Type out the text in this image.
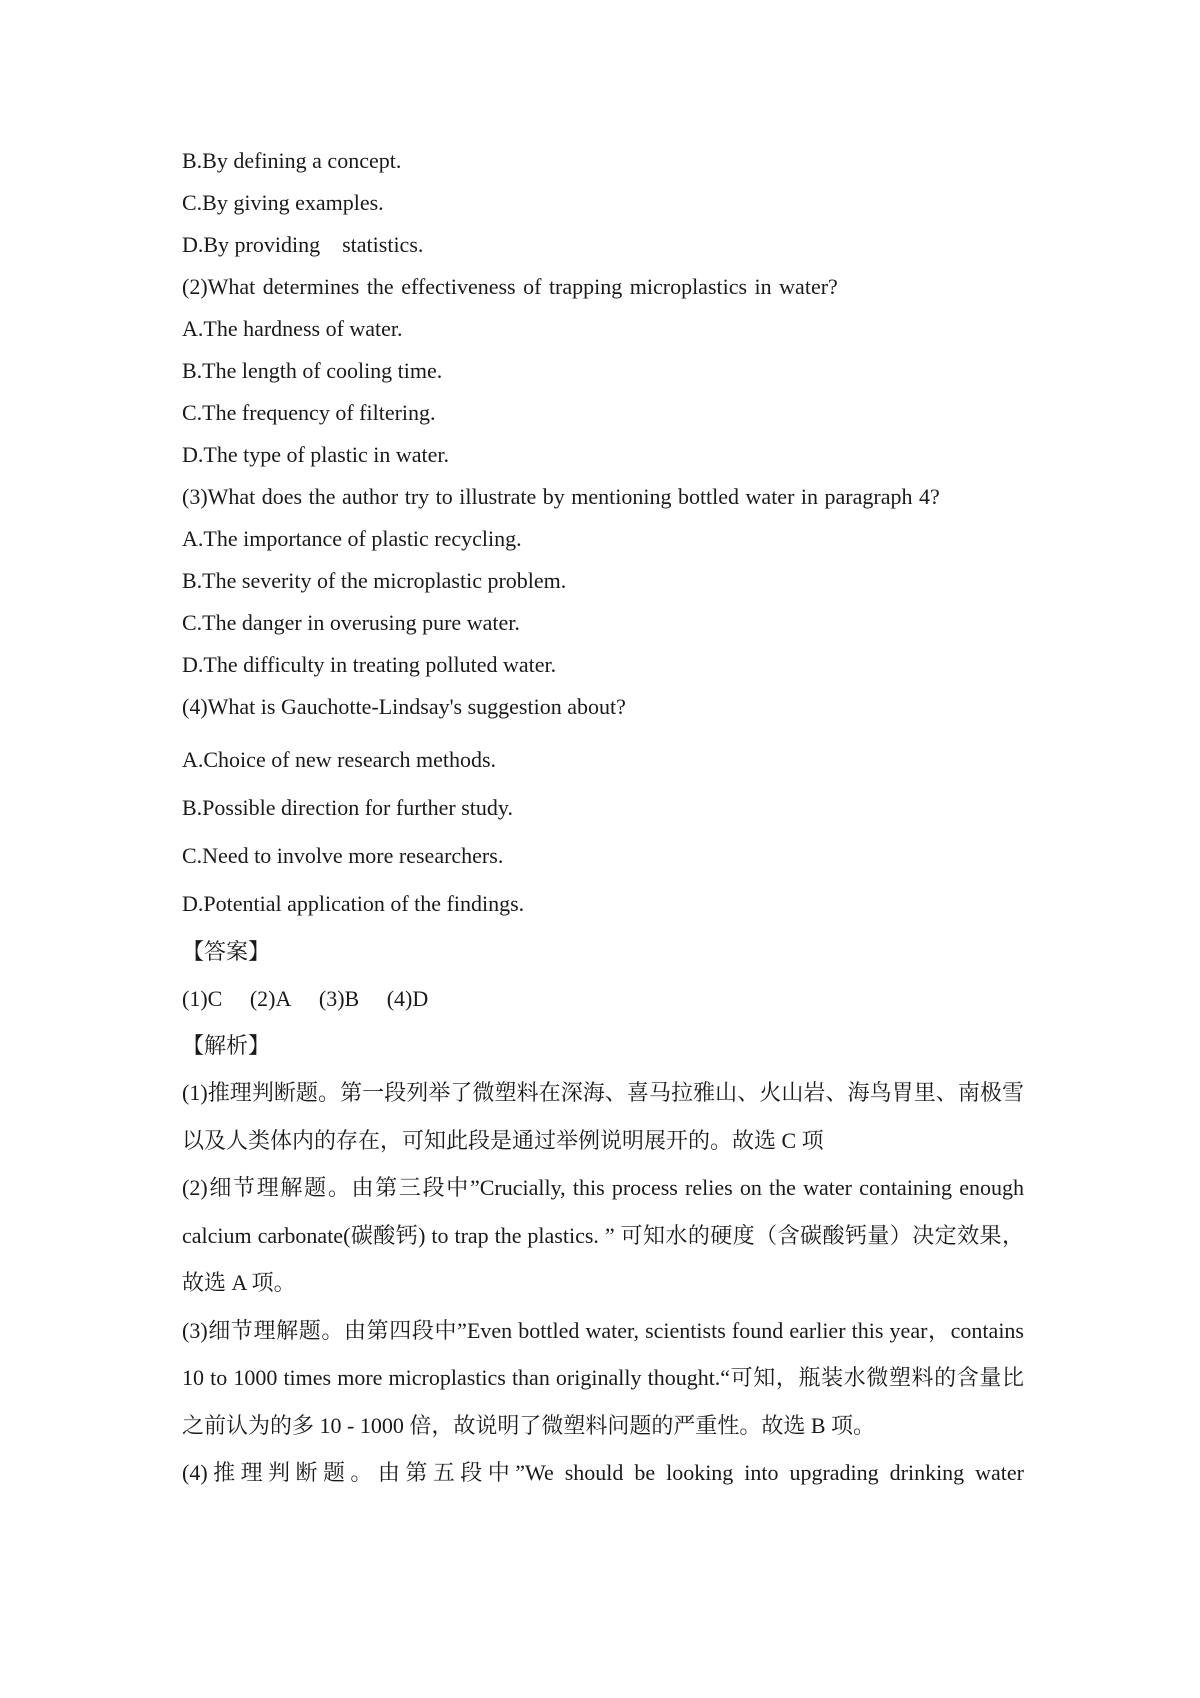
B.By defining a concept.
C.By giving examples.
D.By providing    statistics.
(2)What determines the effectiveness of trapping microplastics in water?
A.The hardness of water.
B.The length of cooling time.
C.The frequency of filtering.
D.The type of plastic in water.
(3)What does the author try to illustrate by mentioning bottled water in paragraph 4?
A.The importance of plastic recycling.
B.The severity of the microplastic problem.
C.The danger in overusing pure water.
D.The difficulty in treating polluted water.
(4)What is Gauchotte-Lindsay's suggestion about?
A.Choice of new research methods.
B.Possible direction for further study.
C.Need to involve more researchers.
D.Potential application of the findings.
【答案】
(1)C (2)A (3)B (4)D
【解析】
(1)推理判断题。第一段列举了微塑料在深海、喜马拉雅山、火山岩、海鸟胃里、南极雪以及人类体内的存在，可知此段是通过举例说明展开的。故选 C 项
(2)细节理解题。由第三段中”Crucially, this process relies on the water containing enough calcium carbonate(碳酸钙) to trap the plastics. ” 可知水的硬度（含碳酸钙量）决定效果，故选 A 项。
(3)细节理解题。由第四段中”Even bottled water, scientists found earlier this year，contains 10 to 1000 times more microplastics than originally thought.“可知，瓶装水微塑料的含量比之前认为的多 10 - 1000 倍，故说明了微塑料问题的严重性。故选 B 项。
(4)推理判断题。由第五段中”We should be looking into upgrading drinking water
